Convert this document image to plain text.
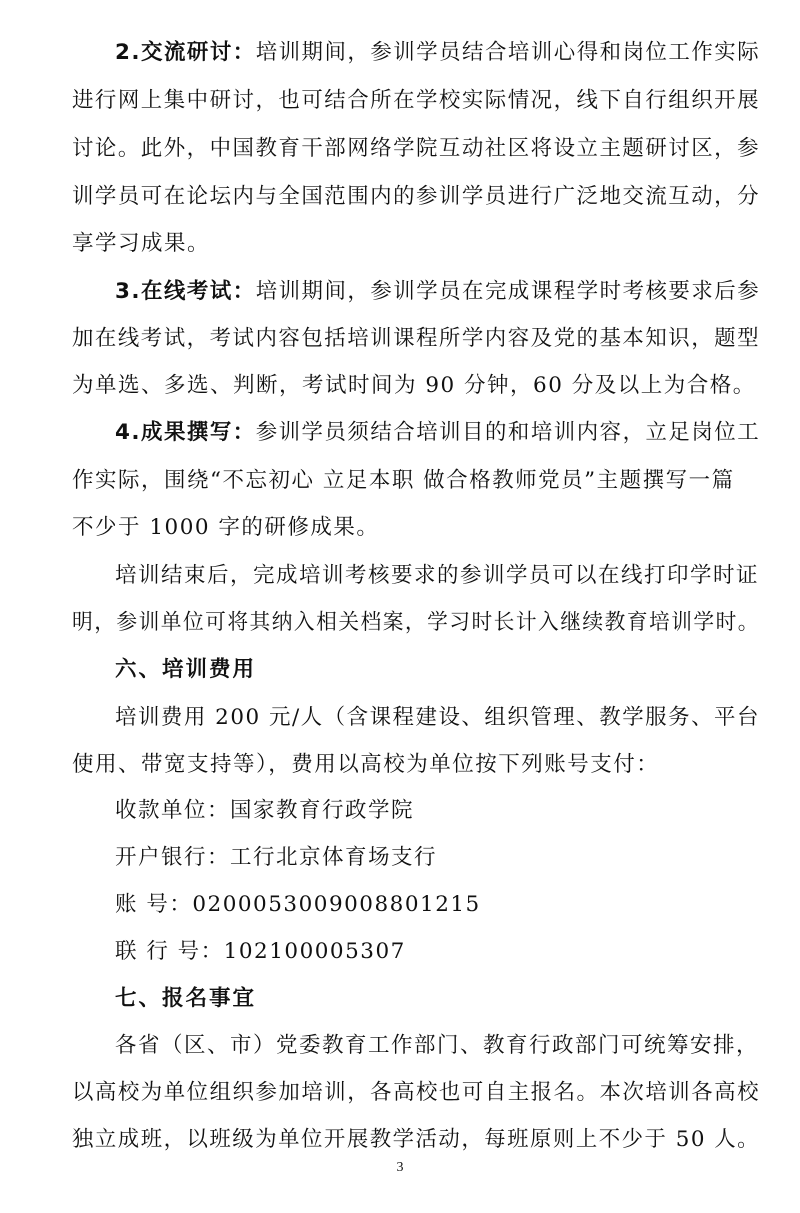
2.交流研讨：培训期间，参训学员结合培训心得和岗位工作实际
进行网上集中研讨，也可结合所在学校实际情况，线下自行组织开展
讨论。此外，中国教育干部网络学院互动社区将设立主题研讨区，参
训学员可在论坛内与全国范围内的参训学员进行广泛地交流互动，分
享学习成果。
3.在线考试：培训期间，参训学员在完成课程学时考核要求后参
加在线考试，考试内容包括培训课程所学内容及党的基本知识，题型
为单选、多选、判断，考试时间为 90 分钟，60 分及以上为合格。
4.成果撰写：参训学员须结合培训目的和培训内容，立足岗位工
作实际，围绕“不忘初心 立足本职 做合格教师党员”主题撰写一篇
不少于 1000 字的研修成果。
培训结束后，完成培训考核要求的参训学员可以在线打印学时证
明，参训单位可将其纳入相关档案，学习时长计入继续教育培训学时。
六、培训费用
培训费用 200 元/人（含课程建设、组织管理、教学服务、平台
使用、带宽支持等），费用以高校为单位按下列账号支付：
收款单位：国家教育行政学院
开户银行：工行北京体育场支行
账 号：0200053009008801215
联 行 号：102100005307
七、报名事宜
各省（区、市）党委教育工作部门、教育行政部门可统筹安排，
以高校为单位组织参加培训，各高校也可自主报名。本次培训各高校
独立成班，以班级为单位开展教学活动，每班原则上不少于 50 人。
3
